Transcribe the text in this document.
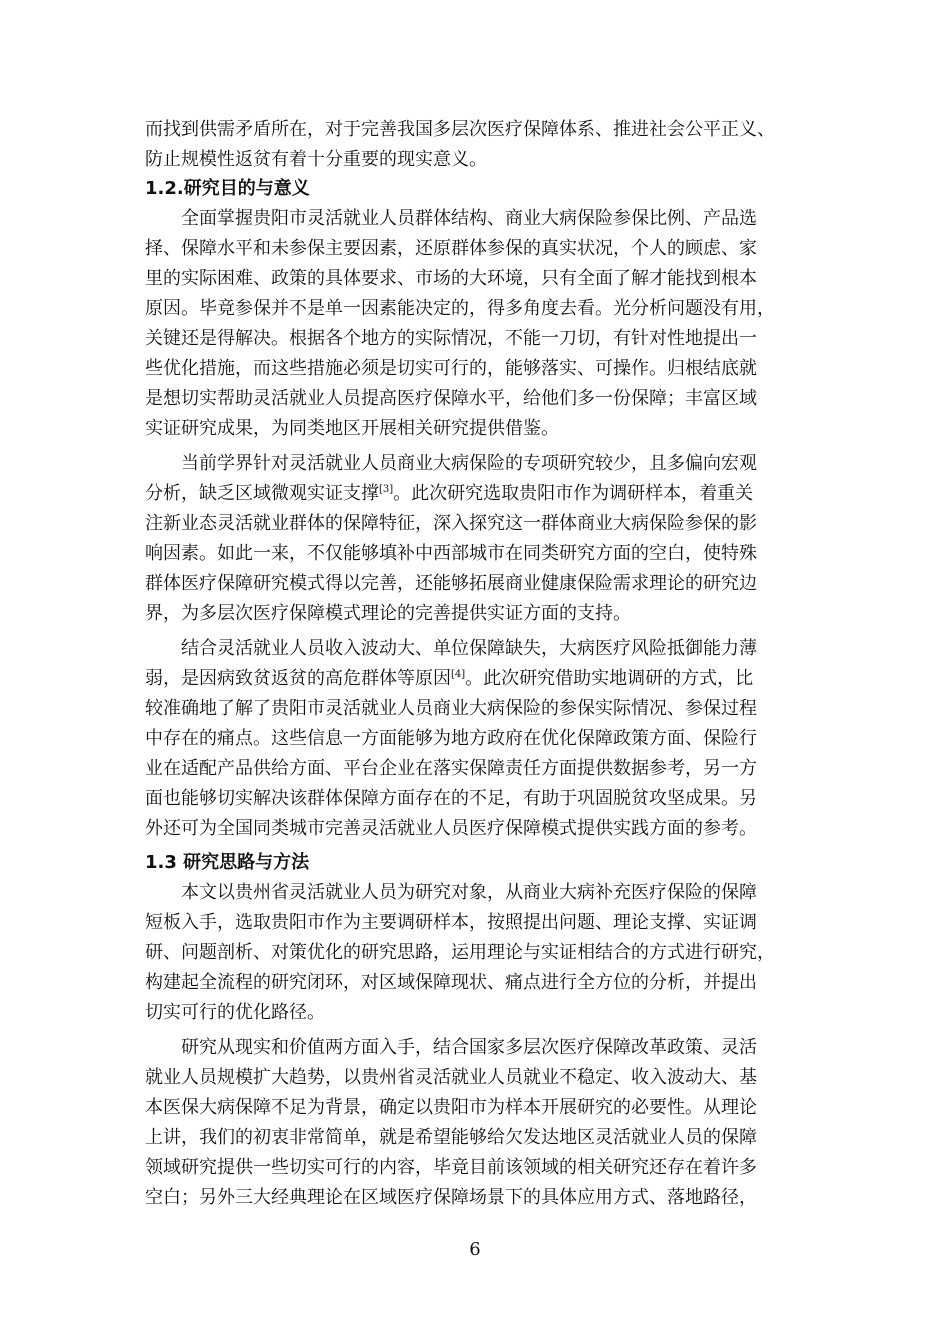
而找到供需矛盾所在，对于完善我国多层次医疗保障体系、推进社会公平正义、
防止规模性返贫有着十分重要的现实意义。
1.2.研究目的与意义
全面掌握贵阳市灵活就业人员群体结构、商业大病保险参保比例、产品选
择、保障水平和未参保主要因素，还原群体参保的真实状况，个人的顾虑、家
里的实际困难、政策的具体要求、市场的大环境，只有全面了解才能找到根本
原因。毕竟参保并不是单一因素能决定的，得多角度去看。光分析问题没有用，
关键还是得解决。根据各个地方的实际情况，不能一刀切，有针对性地提出一
些优化措施，而这些措施必须是切实可行的，能够落实、可操作。归根结底就
是想切实帮助灵活就业人员提高医疗保障水平，给他们多一份保障；丰富区域
实证研究成果，为同类地区开展相关研究提供借鉴。
当前学界针对灵活就业人员商业大病保险的专项研究较少，且多偏向宏观
分析，缺乏区域微观实证支撑[3]。此次研究选取贵阳市作为调研样本，着重关
注新业态灵活就业群体的保障特征，深入探究这一群体商业大病保险参保的影
响因素。如此一来，不仅能够填补中西部城市在同类研究方面的空白，使特殊
群体医疗保障研究模式得以完善，还能够拓展商业健康保险需求理论的研究边
界，为多层次医疗保障模式理论的完善提供实证方面的支持。
结合灵活就业人员收入波动大、单位保障缺失，大病医疗风险抵御能力薄
弱，是因病致贫返贫的高危群体等原因[4]。此次研究借助实地调研的方式，比
较准确地了解了贵阳市灵活就业人员商业大病保险的参保实际情况、参保过程
中存在的痛点。这些信息一方面能够为地方政府在优化保障政策方面、保险行
业在适配产品供给方面、平台企业在落实保障责任方面提供数据参考，另一方
面也能够切实解决该群体保障方面存在的不足，有助于巩固脱贫攻坚成果。另
外还可为全国同类城市完善灵活就业人员医疗保障模式提供实践方面的参考。
1.3 研究思路与方法
本文以贵州省灵活就业人员为研究对象，从商业大病补充医疗保险的保障
短板入手，选取贵阳市作为主要调研样本，按照提出问题、理论支撑、实证调
研、问题剖析、对策优化的研究思路，运用理论与实证相结合的方式进行研究，
构建起全流程的研究闭环，对区域保障现状、痛点进行全方位的分析，并提出
切实可行的优化路径。
研究从现实和价值两方面入手，结合国家多层次医疗保障改革政策、灵活
就业人员规模扩大趋势，以贵州省灵活就业人员就业不稳定、收入波动大、基
本医保大病保障不足为背景，确定以贵阳市为样本开展研究的必要性。从理论
上讲，我们的初衷非常简单，就是希望能够给欠发达地区灵活就业人员的保障
领域研究提供一些切实可行的内容，毕竟目前该领域的相关研究还存在着许多
空白；另外三大经典理论在区域医疗保障场景下的具体应用方式、落地路径，
6
